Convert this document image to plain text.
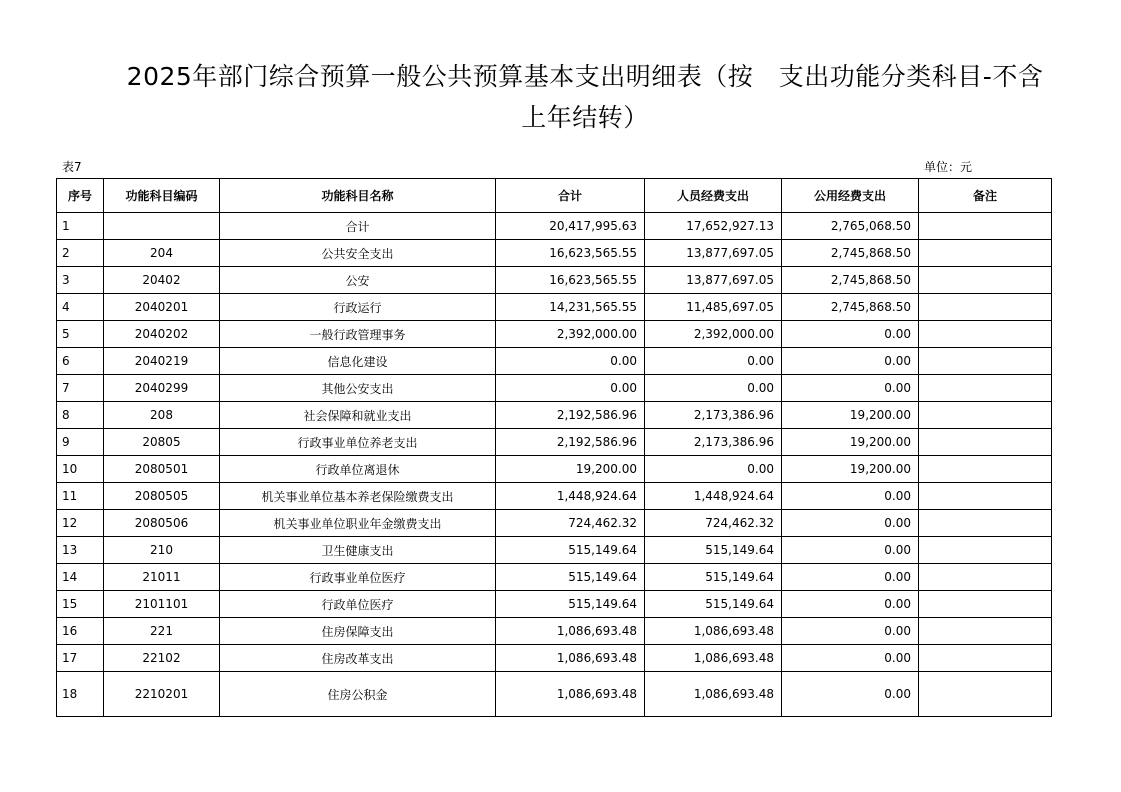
2025年部门综合预算一般公共预算基本支出明细表（按　支出功能分类科目-不含上年结转）
表7	单位：元
序号	功能科目编码	功能科目名称	合计	人员经费支出	公用经费支出	备注
1		合计	20,417,995.63	17,652,927.13	2,765,068.50	
2	204	公共安全支出	16,623,565.55	13,877,697.05	2,745,868.50	
3	20402	公安	16,623,565.55	13,877,697.05	2,745,868.50	
4	2040201	行政运行	14,231,565.55	11,485,697.05	2,745,868.50	
5	2040202	一般行政管理事务	2,392,000.00	2,392,000.00	0.00	
6	2040219	信息化建设	0.00	0.00	0.00	
7	2040299	其他公安支出	0.00	0.00	0.00	
8	208	社会保障和就业支出	2,192,586.96	2,173,386.96	19,200.00	
9	20805	行政事业单位养老支出	2,192,586.96	2,173,386.96	19,200.00	
10	2080501	行政单位离退休	19,200.00	0.00	19,200.00	
11	2080505	机关事业单位基本养老保险缴费支出	1,448,924.64	1,448,924.64	0.00	
12	2080506	机关事业单位职业年金缴费支出	724,462.32	724,462.32	0.00	
13	210	卫生健康支出	515,149.64	515,149.64	0.00	
14	21011	行政事业单位医疗	515,149.64	515,149.64	0.00	
15	2101101	行政单位医疗	515,149.64	515,149.64	0.00	
16	221	住房保障支出	1,086,693.48	1,086,693.48	0.00	
17	22102	住房改革支出	1,086,693.48	1,086,693.48	0.00	
18	2210201	住房公积金	1,086,693.48	1,086,693.48	0.00	
